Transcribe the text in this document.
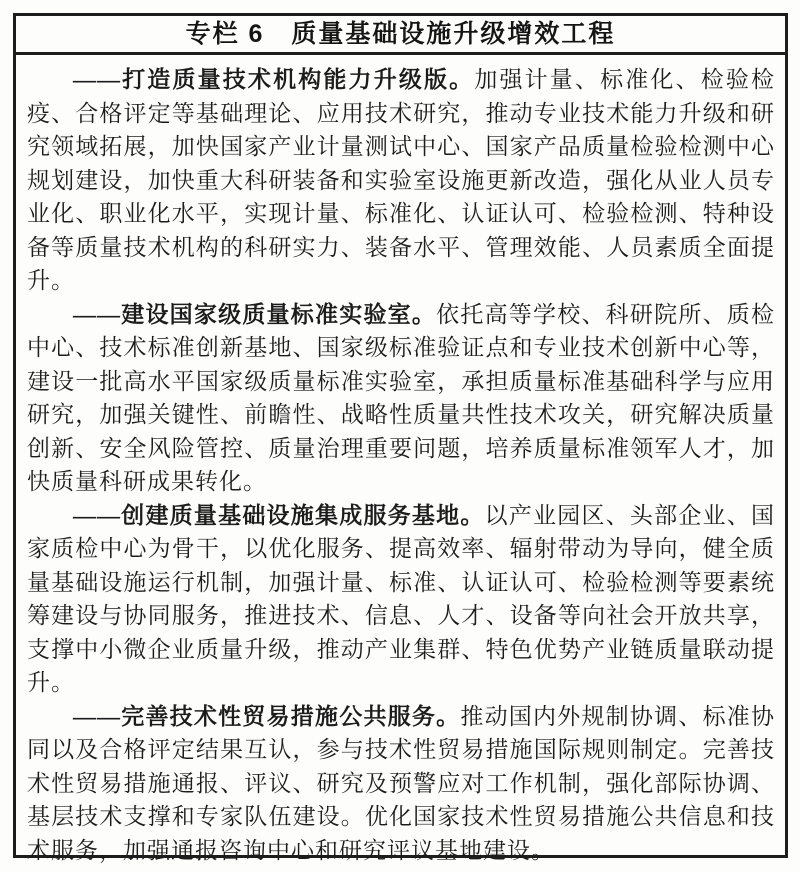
专栏 6　质量基础设施升级增效工程

——打造质量技术机构能力升级版。加强计量、标准化、检验检疫、合格评定等基础理论、应用技术研究，推动专业技术能力升级和研究领域拓展，加快国家产业计量测试中心、国家产品质量检验检测中心规划建设，加快重大科研装备和实验室设施更新改造，强化从业人员专业化、职业化水平，实现计量、标准化、认证认可、检验检测、特种设备等质量技术机构的科研实力、装备水平、管理效能、人员素质全面提升。

——建设国家级质量标准实验室。依托高等学校、科研院所、质检中心、技术标准创新基地、国家级标准验证点和专业技术创新中心等，建设一批高水平国家级质量标准实验室，承担质量标准基础科学与应用研究，加强关键性、前瞻性、战略性质量共性技术攻关，研究解决质量创新、安全风险管控、质量治理重要问题，培养质量标准领军人才，加快质量科研成果转化。

——创建质量基础设施集成服务基地。以产业园区、头部企业、国家质检中心为骨干，以优化服务、提高效率、辐射带动为导向，健全质量基础设施运行机制，加强计量、标准、认证认可、检验检测等要素统筹建设与协同服务，推进技术、信息、人才、设备等向社会开放共享，支撑中小微企业质量升级，推动产业集群、特色优势产业链质量联动提升。

——完善技术性贸易措施公共服务。推动国内外规制协调、标准协同以及合格评定结果互认，参与技术性贸易措施国际规则制定。完善技术性贸易措施通报、评议、研究及预警应对工作机制，强化部际协调、基层技术支撑和专家队伍建设。优化国家技术性贸易措施公共信息和技术服务，加强通报咨询中心和研究评议基地建设。
